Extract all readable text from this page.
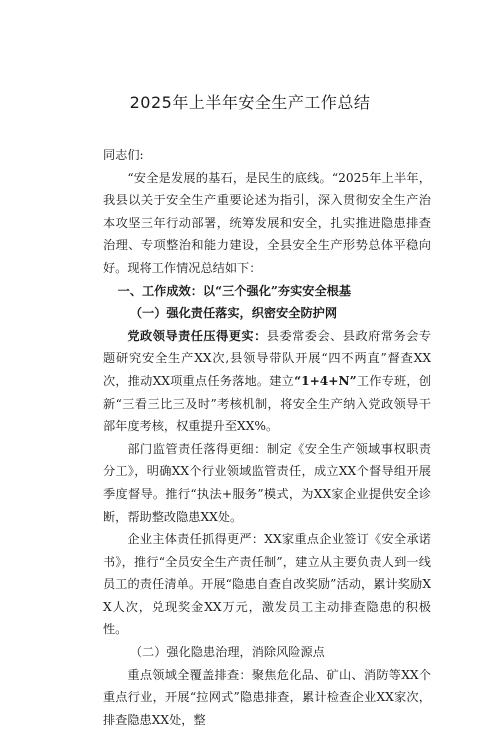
2025年上半年安全生产工作总结

同志们:

“安全是发展的基石，是民生的底线。“2025年上半年，我县以关于安全生产重要论述为指引，深入贯彻安全生产治本攻坚三年行动部署，统筹发展和安全，扎实推进隐患排查治理、专项整治和能力建设，全县安全生产形势总体平稳向好。现将工作情况总结如下：

一、工作成效：以“三个强化”夯实安全根基

（一）强化责任落实，织密安全防护网

党政领导责任压得更实：县委常委会、县政府常务会专题研究安全生产XX次,县领导带队开展“四不两直”督查XX次，推动XX项重点任务落地。建立“1+4+N”工作专班，创新“三看三比三及时”考核机制，将安全生产纳入党政领导干部年度考核，权重提升至XX%。

部门监管责任落得更细：制定《安全生产领域事权职责分工》，明确XX个行业领域监管责任，成立XX个督导组开展季度督导。推行“执法+服务”模式，为XX家企业提供安全诊断，帮助整改隐患XX处。

企业主体责任抓得更严：XX家重点企业签订《安全承诺书》，推行“全员安全生产责任制”，建立从主要负责人到一线员工的责任清单。开展“隐患自查自改奖励”活动，累计奖励XX人次，兑现奖金XX万元，激发员工主动排查隐患的积极性。

（二）强化隐患治理，消除风险源点

重点领域全覆盖排查：聚焦危化品、矿山、消防等XX个重点行业，开展“拉网式”隐患排查，累计检查企业XX家次，排查隐患XX处，整
